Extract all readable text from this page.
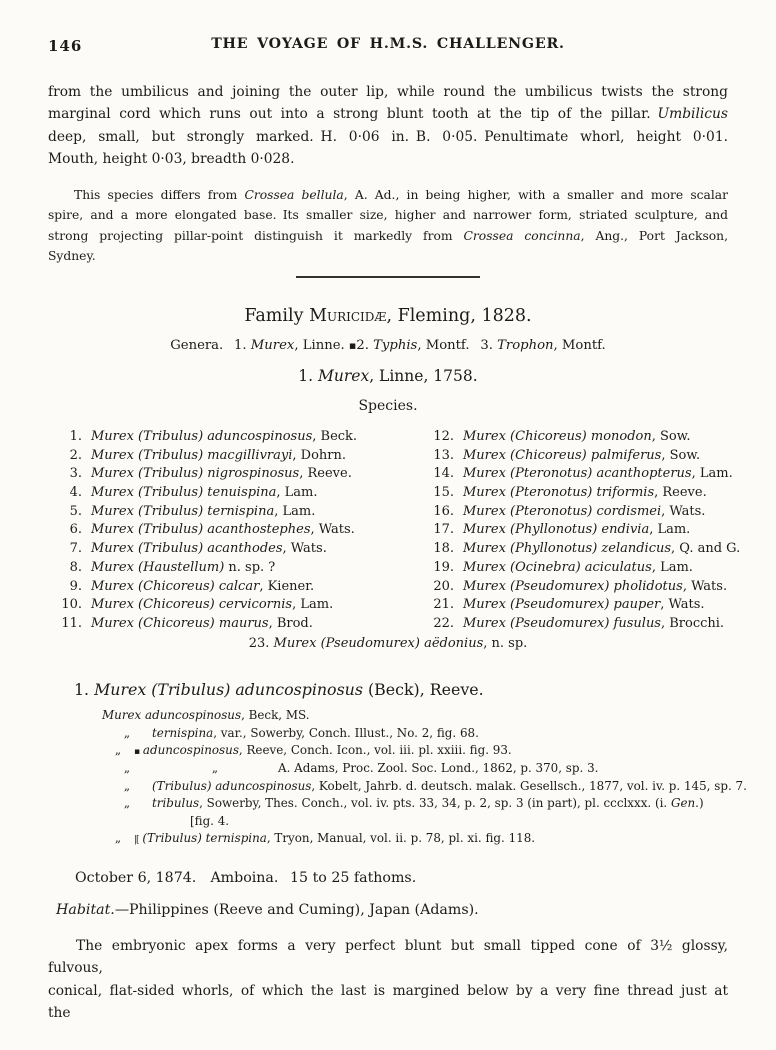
146	THE VOYAGE OF H.M.S. CHALLENGER.
from the umbilicus and joining the outer lip, while round the umbilicus twists the strong
marginal cord which runs out into a strong blunt tooth at the tip of the pillar. Umbilicus
deep, small, but strongly marked. H. 0·06 in. B. 0·05. Penultimate whorl, height 0·01.
Mouth, height 0·03, breadth 0·028.
This species differs from Crossea bellula, A. Ad., in being higher, with a smaller and more scalar
spire, and a more elongated base. Its smaller size, higher and narrower form, striated sculpture, and
strong projecting pillar-point distinguish it markedly from Crossea concinna, Ang., Port Jackson,
Sydney.
Family Muricidæ, Fleming, 1828.
Genera.  1. Murex, Linne. ▪2. Typhis, Montf.  3. Trophon, Montf.
1. Murex, Linne, 1758.
Species.
1. Murex (Tribulus) aduncospinosus, Beck.
2. Murex (Tribulus) macgillivrayi, Dohrn.
3. Murex (Tribulus) nigrospinosus, Reeve.
4. Murex (Tribulus) tenuispina, Lam.
5. Murex (Tribulus) ternispina, Lam.
6. Murex (Tribulus) acanthostephes, Wats.
7. Murex (Tribulus) acanthodes, Wats.
8. Murex (Haustellum) n. sp. ?
9. Murex (Chicoreus) calcar, Kiener.
10. Murex (Chicoreus) cervicornis, Lam.
11. Murex (Chicoreus) maurus, Brod.
12. Murex (Chicoreus) monodon, Sow.
13. Murex (Chicoreus) palmiferus, Sow.
14. Murex (Pteronotus) acanthopterus, Lam.
15. Murex (Pteronotus) triformis, Reeve.
16. Murex (Pteronotus) cordismei, Wats.
17. Murex (Phyllonotus) endivia, Lam.
18. Murex (Phyllonotus) zelandicus, Q. and G.
19. Murex (Ocinebra) aciculatus, Lam.
20. Murex (Pseudomurex) pholidotus, Wats.
21. Murex (Pseudomurex) pauper, Wats.
22. Murex (Pseudomurex) fusulus, Brocchi.
23. Murex (Pseudomurex) aëdonius, n. sp.
1. Murex (Tribulus) aduncospinosus (Beck), Reeve.
Murex aduncospinosus, Beck, MS.
„ ternispina, var., Sowerby, Conch. Illust., No. 2, fig. 68.
„ ▪ aduncospinosus, Reeve, Conch. Icon., vol. iii. pl. xxiii. fig. 93.
„	„	A. Adams, Proc. Zool. Soc. Lond., 1862, p. 370, sp. 3.
„ (Tribulus) aduncospinosus, Kobelt, Jahrb. d. deutsch. malak. Gesellsch., 1877, vol. iv. p. 145, sp. 7.
„ tribulus, Sowerby, Thes. Conch., vol. iv. pts. 33, 34, p. 2, sp. 3 (in part), pl. ccclxxx. (i. Gen.)
[fig. 4.
„ |[ (Tribulus) ternispina, Tryon, Manual, vol. ii. p. 78, pl. xi. fig. 118.
October 6, 1874. Amboina.  15 to 25 fathoms.
Habitat.—Philippines (Reeve and Cuming), Japan (Adams).
The embryonic apex forms a very perfect blunt but small tipped cone of 3½ glossy, fulvous,
conical, flat-sided whorls, of which the last is margined below by a very fine thread just at the
